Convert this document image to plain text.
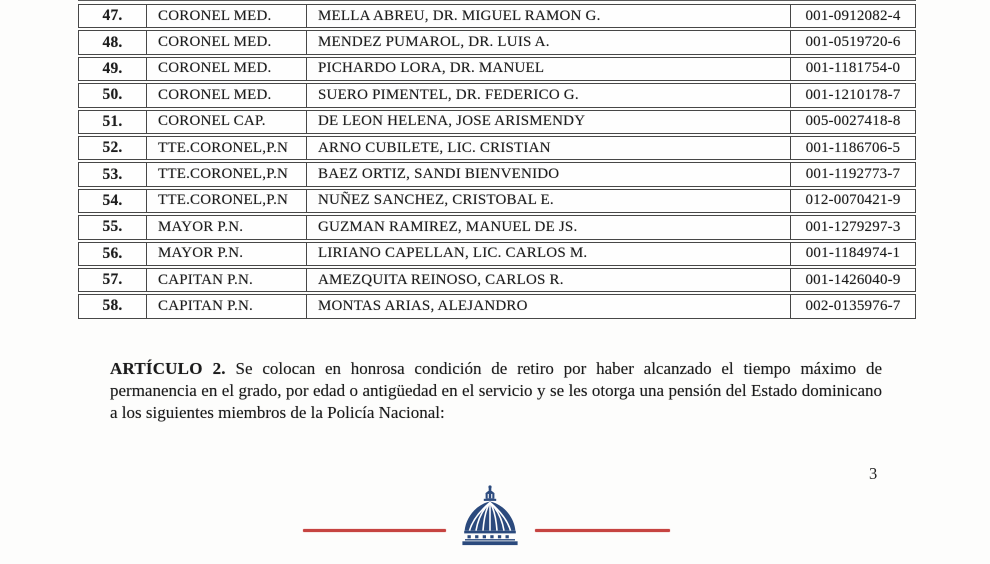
47.	CORONEL MED.	MELLA ABREU, DR. MIGUEL RAMON G.	001-0912082-4
48.	CORONEL MED.	MENDEZ PUMAROL, DR. LUIS A.	001-0519720-6
49.	CORONEL MED.	PICHARDO LORA, DR. MANUEL	001-1181754-0
50.	CORONEL MED.	SUERO PIMENTEL, DR. FEDERICO G.	001-1210178-7
51.	CORONEL CAP.	DE LEON HELENA, JOSE ARISMENDY	005-0027418-8
52.	TTE.CORONEL,P.N	ARNO CUBILETE, LIC. CRISTIAN	001-1186706-5
53.	TTE.CORONEL,P.N	BAEZ ORTIZ, SANDI BIENVENIDO	001-1192773-7
54.	TTE.CORONEL,P.N	NUÑEZ SANCHEZ, CRISTOBAL E.	012-0070421-9
55.	MAYOR P.N.	GUZMAN RAMIREZ, MANUEL DE JS.	001-1279297-3
56.	MAYOR P.N.	LIRIANO CAPELLAN, LIC. CARLOS M.	001-1184974-1
57.	CAPITAN P.N.	AMEZQUITA REINOSO, CARLOS R.	001-1426040-9
58.	CAPITAN P.N.	MONTAS ARIAS, ALEJANDRO	002-0135976-7

ARTÍCULO 2. Se colocan en honrosa condición de retiro por haber alcanzado el tiempo máximo de permanencia en el grado, por edad o antigüedad en el servicio y se les otorga una pensión del Estado dominicano a los siguientes miembros de la Policía Nacional:

3
